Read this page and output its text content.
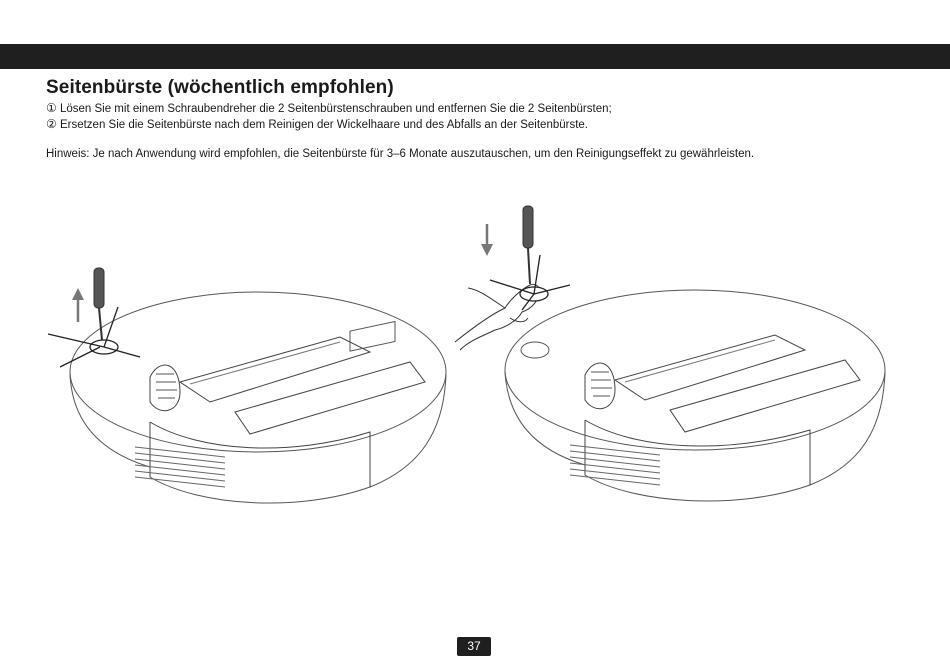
Seitenbürste (wöchentlich empfohlen)
① Lösen Sie mit einem Schraubendreher die 2 Seitenbürstenschrauben und entfernen Sie die 2 Seitenbürsten;
② Ersetzen Sie die Seitenbürste nach dem Reinigen der Wickelhaare und des Abfalls an der Seitenbürste.
Hinweis: Je nach Anwendung wird empfohlen, die Seitenbürste für 3–6 Monate auszutauschen, um den Reinigungseffekt zu gewährleisten.
37
